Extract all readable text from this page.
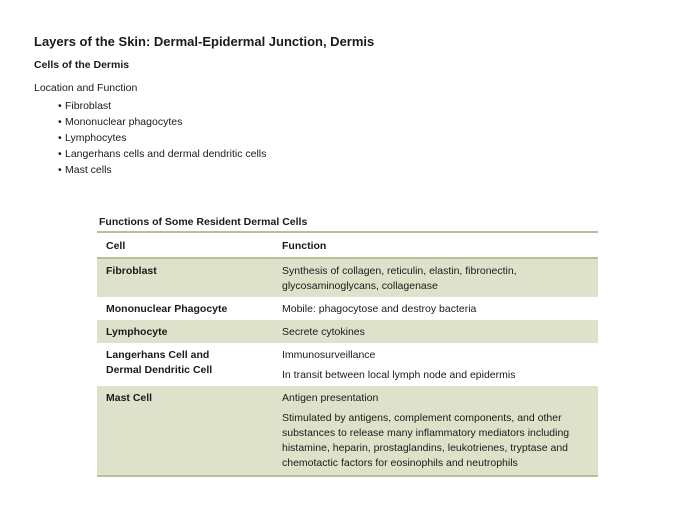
Layers of the Skin: Dermal-Epidermal Junction, Dermis
Cells of the Dermis
Location and Function
• Fibroblast
• Mononuclear phagocytes
• Lymphocytes
• Langerhans cells and dermal dendritic cells
• Mast cells
Functions of Some Resident Dermal Cells
Cell	Function
Fibroblast	Synthesis of collagen, reticulin, elastin, fibronectin, glycosaminoglycans, collagenase

Mononuclear Phagocyte	Mobile: phagocytose and destroy bacteria

Lymphocyte	Secrete cytokines

Langerhans Cell and Dermal Dendritic Cell	Immunosurveillance
In transit between local lymph node and epidermis

Mast Cell	Antigen presentation
Stimulated by antigens, complement components, and other substances to release many inflammatory mediators including histamine, heparin, prostaglandins, leukotrienes, tryptase and chemotactic factors for eosinophils and neutrophils
